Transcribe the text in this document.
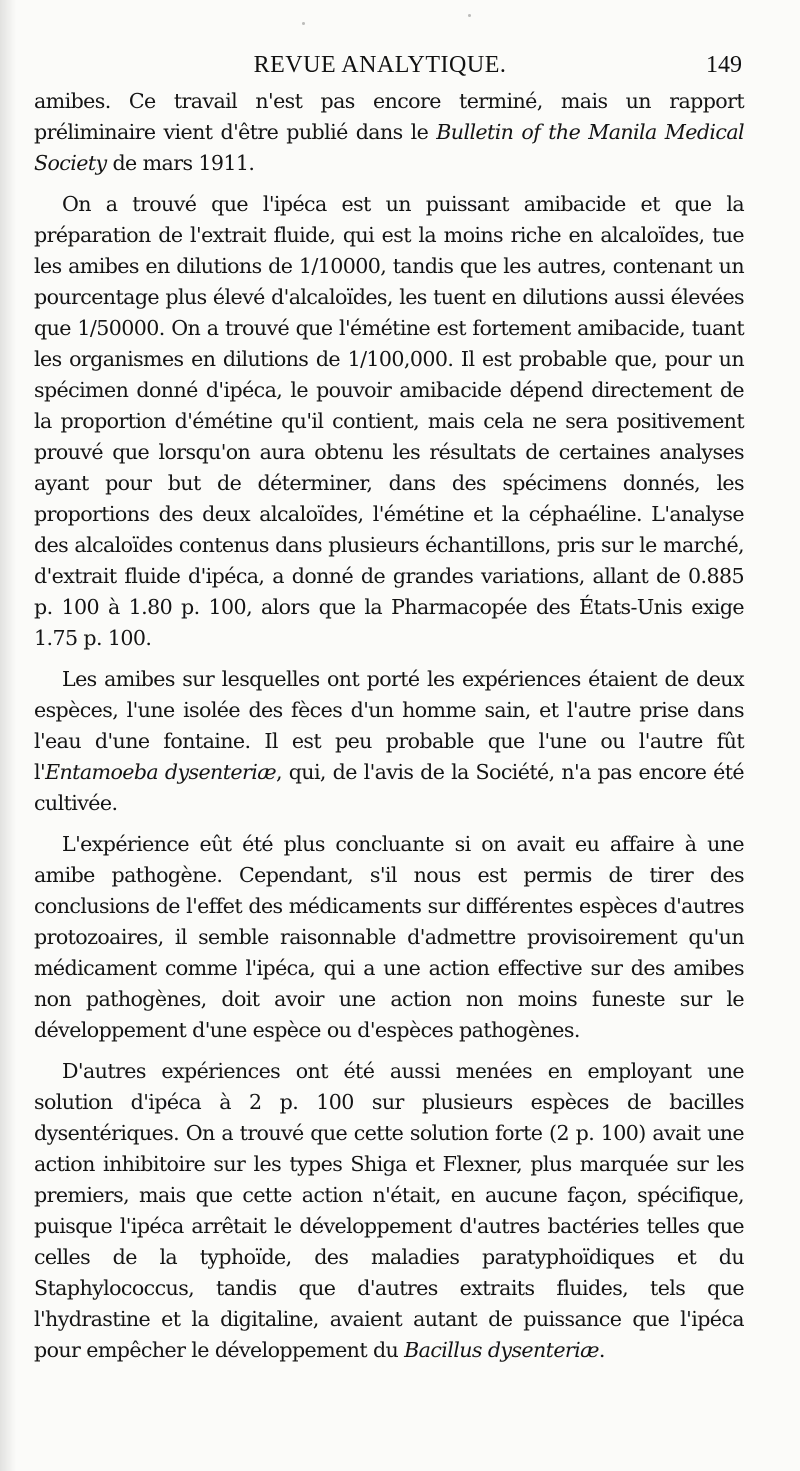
REVUE ANALYTIQUE.	149

amibes. Ce travail n'est pas encore terminé, mais un rapport préliminaire vient d'être publié dans le Bulletin of the Manila Medical Society de mars 1911.

On a trouvé que l'ipéca est un puissant amibacide et que la préparation de l'extrait fluide, qui est la moins riche en alcaloïdes, tue les amibes en dilutions de 1/10000, tandis que les autres, contenant un pourcentage plus élevé d'alcaloïdes, les tuent en dilutions aussi élevées que 1/50000. On a trouvé que l'émétine est fortement amibacide, tuant les organismes en dilutions de 1/100,000. Il est probable que, pour un spécimen donné d'ipéca, le pouvoir amibacide dépend directement de la proportion d'émétine qu'il contient, mais cela ne sera positivement prouvé que lorsqu'on aura obtenu les résultats de certaines analyses ayant pour but de déterminer, dans des spécimens donnés, les proportions des deux alcaloïdes, l'émétine et la céphaéline. L'analyse des alcaloïdes contenus dans plusieurs échantillons, pris sur le marché, d'extrait fluide d'ipéca, a donné de grandes variations, allant de 0.885 p. 100 à 1.80 p. 100, alors que la Pharmacopée des États-Unis exige 1.75 p. 100.

Les amibes sur lesquelles ont porté les expériences étaient de deux espèces, l'une isolée des fèces d'un homme sain, et l'autre prise dans l'eau d'une fontaine. Il est peu probable que l'une ou l'autre fût l'Entamoeba dysenteriæ, qui, de l'avis de la Société, n'a pas encore été cultivée.

L'expérience eût été plus concluante si on avait eu affaire à une amibe pathogène. Cependant, s'il nous est permis de tirer des conclusions de l'effet des médicaments sur différentes espèces d'autres protozoaires, il semble raisonnable d'admettre provisoirement qu'un médicament comme l'ipéca, qui a une action effective sur des amibes non pathogènes, doit avoir une action non moins funeste sur le développement d'une espèce ou d'espèces pathogènes.

D'autres expériences ont été aussi menées en employant une solution d'ipéca à 2 p. 100 sur plusieurs espèces de bacilles dysentériques. On a trouvé que cette solution forte (2 p. 100) avait une action inhibitoire sur les types Shiga et Flexner, plus marquée sur les premiers, mais que cette action n'était, en aucune façon, spécifique, puisque l'ipéca arrêtait le développement d'autres bactéries telles que celles de la typhoïde, des maladies paratyphoïdiques et du Staphylococcus, tandis que d'autres extraits fluides, tels que l'hydrastine et la digitaline, avaient autant de puissance que l'ipéca pour empêcher le développement du Bacillus dysenteriæ.
